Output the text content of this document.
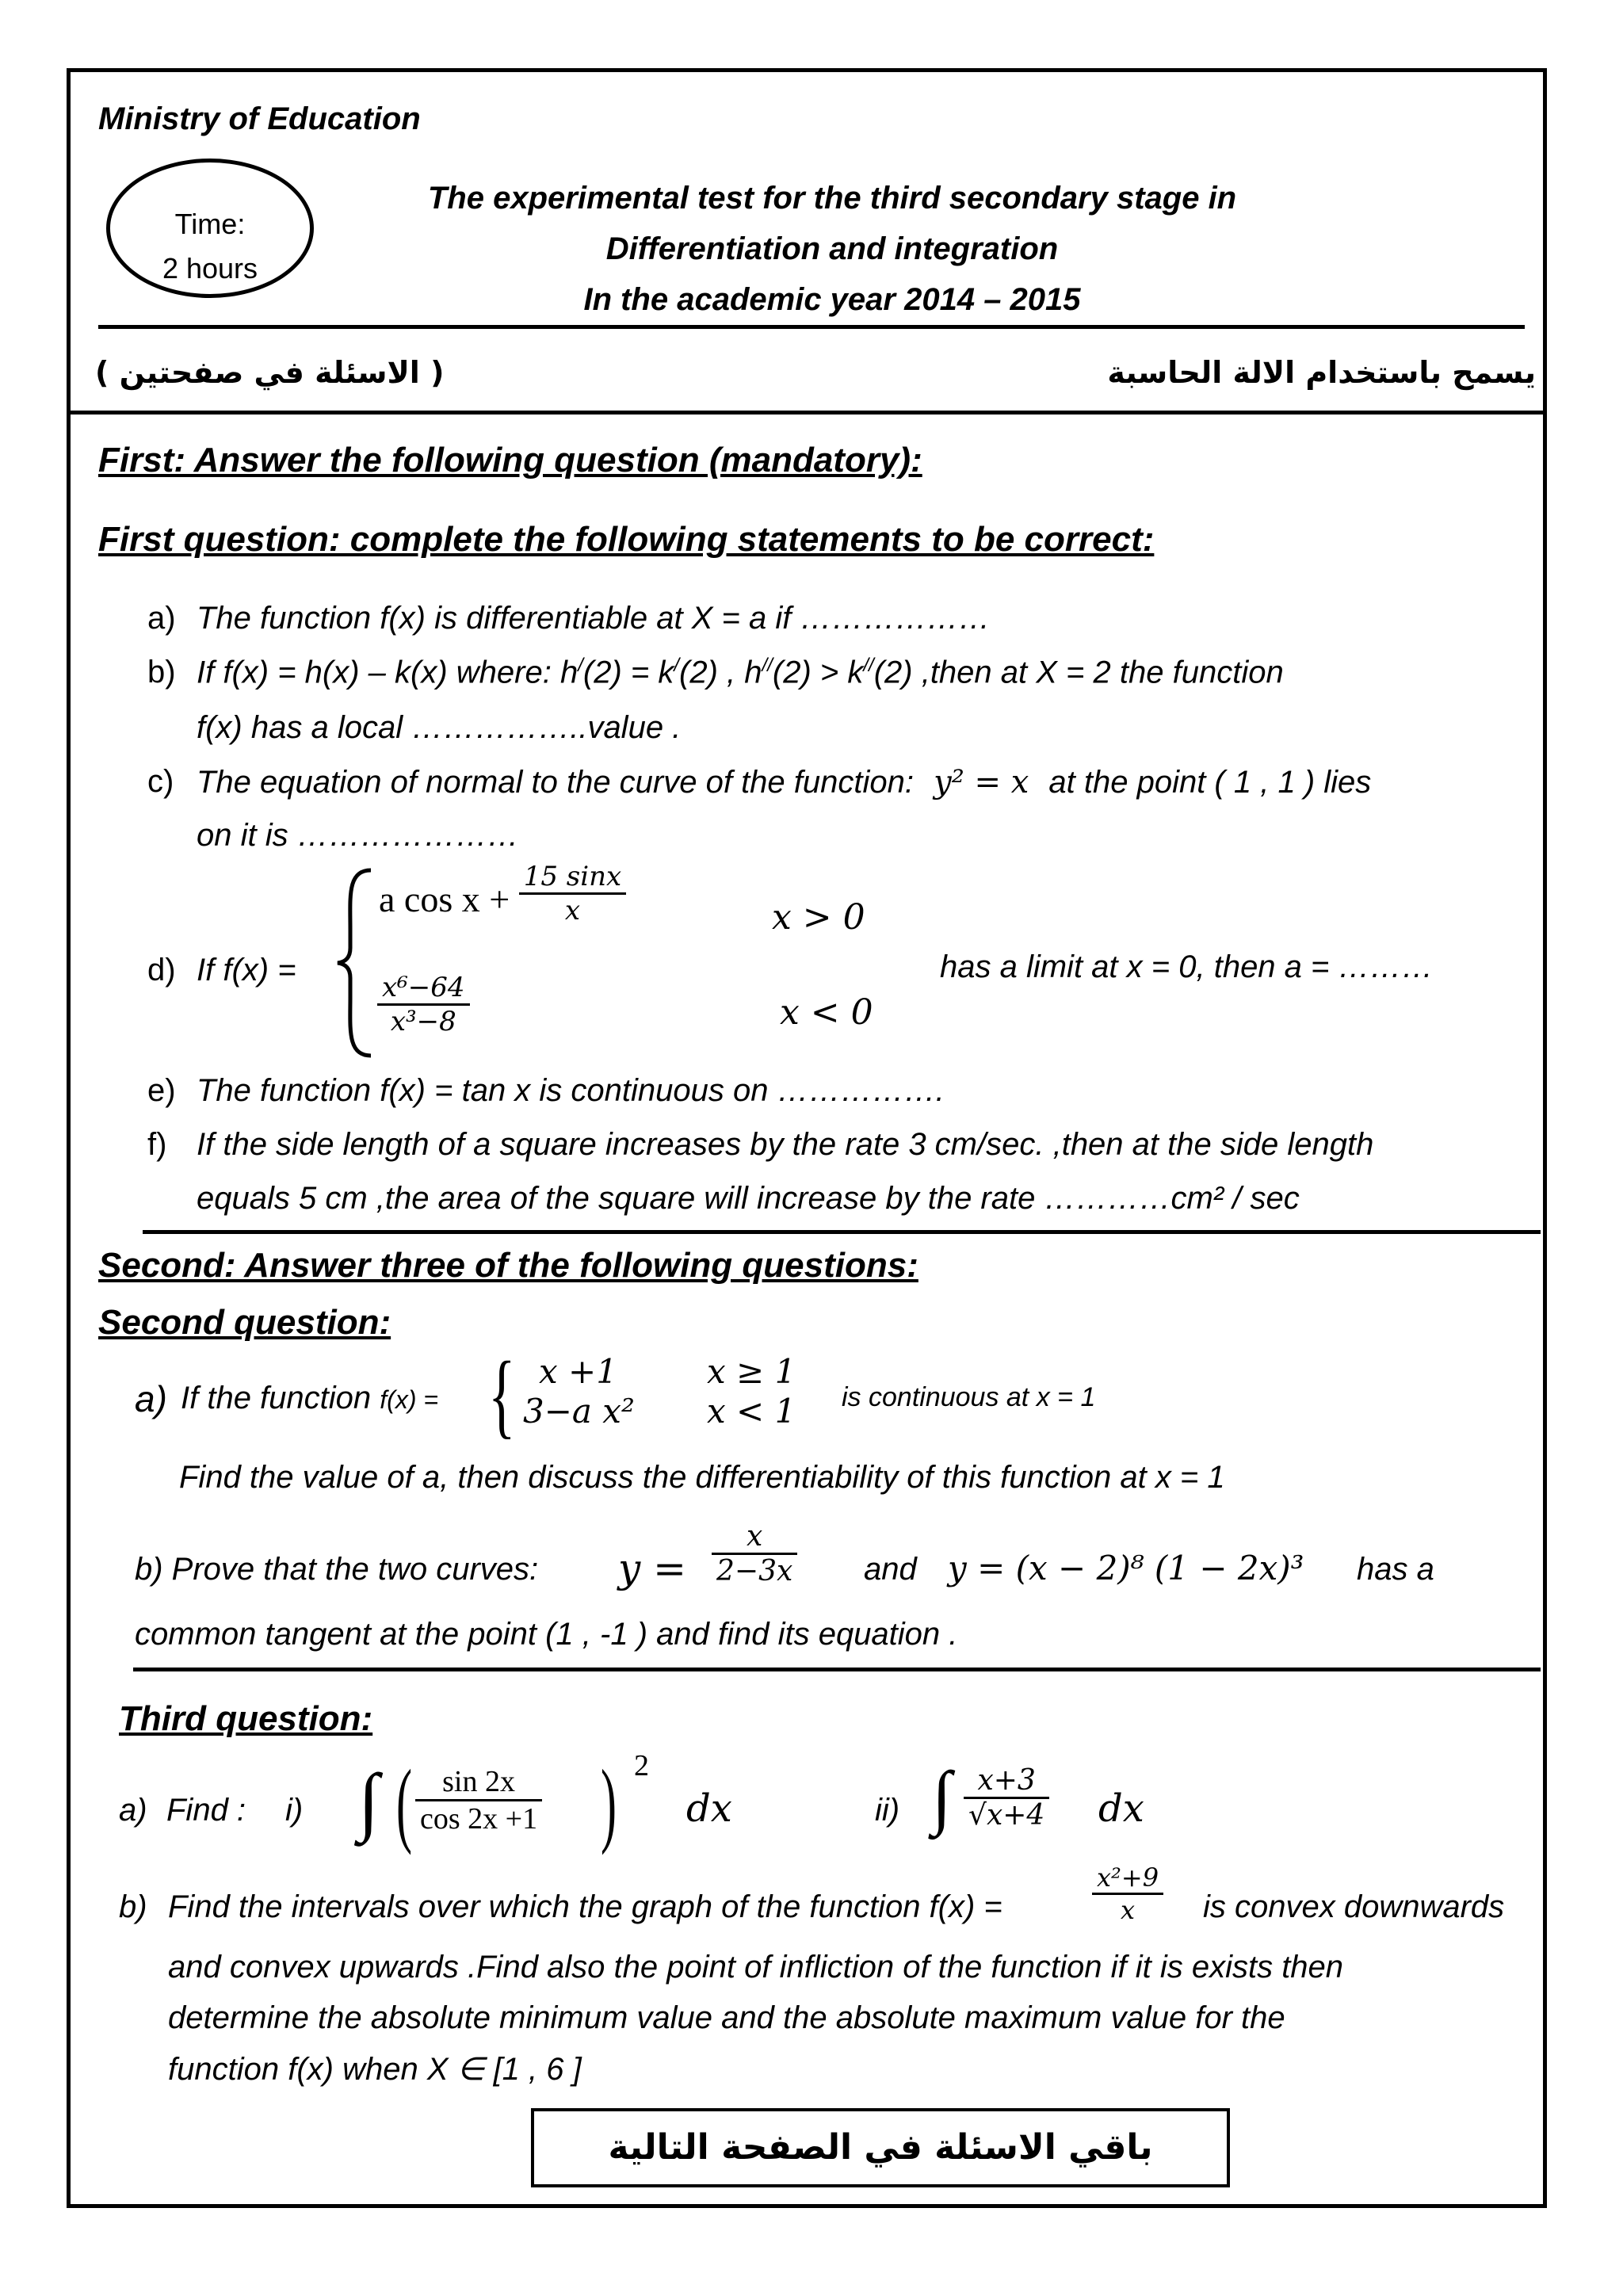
Ministry of Education
Time:
2 hours
The experimental test for the third secondary stage in
Differentiation and integration
In the academic year 2014 – 2015
( الاسئلة في صفحتين )	يسمح باستخدام الالة الحاسبة
First: Answer the following question (mandatory):
First question: complete the following statements to be correct:
a) The function f(x) is differentiable at X = a if ………………
b) If f(x) = h(x) – k(x) where: h/(2) = k/(2) , h//(2) > k//(2) ,then at X = 2 the function
f(x) has a local ……………..value .
c) The equation of normal to the curve of the function: y² = x at the point ( 1 , 1 ) lies
on it is …………………
d) If f(x) =
a $\cos x + \frac{15 \sin x}{x}$	x > 0
$\frac{\text{x⁶−64}}{\text{x³−8}}$	x < 0
has a limit at x = 0, then a = ………
e) The function f(x) = tan x is continuous on …………….
f) If the side length of a square increases by the rate 3 cm/sec. ,then at the side length
equals 5 cm ,the area of the square will increase by the rate …………cm² / sec
Second: Answer three of the following questions:
Second question:
a) If the function f(x) = { x +1	x ≥ 1
3−a x² x < 1 is continuous at x = 1
Find the value of a, then discuss the differentiability of this function at x = 1
b) Prove that the two curves: $y = \frac{x}{2-3x}$ and y = (x − 2)⁸ (1 − 2x)³ has a
common tangent at the point (1 , -1 ) and find its equation .
Third question:
a) Find : i) ∫ ( $\frac{\sin 2x}{\cos 2x +1}$ ) 2
dx	ii) ∫ $\frac{x+3}{√x+4}$ dx
b) Find the intervals over which the graph of the function f(x) =	$\frac{\text{x²+9}}{x}$ is convex downwards
and convex upwards .Find also the point of infliction of the function if it is exists then
determine the absolute minimum value and the absolute maximum value for the
function f(x) when X ∈ [1 , 6 ]
باقي الاسئلة في الصفحة التالية
